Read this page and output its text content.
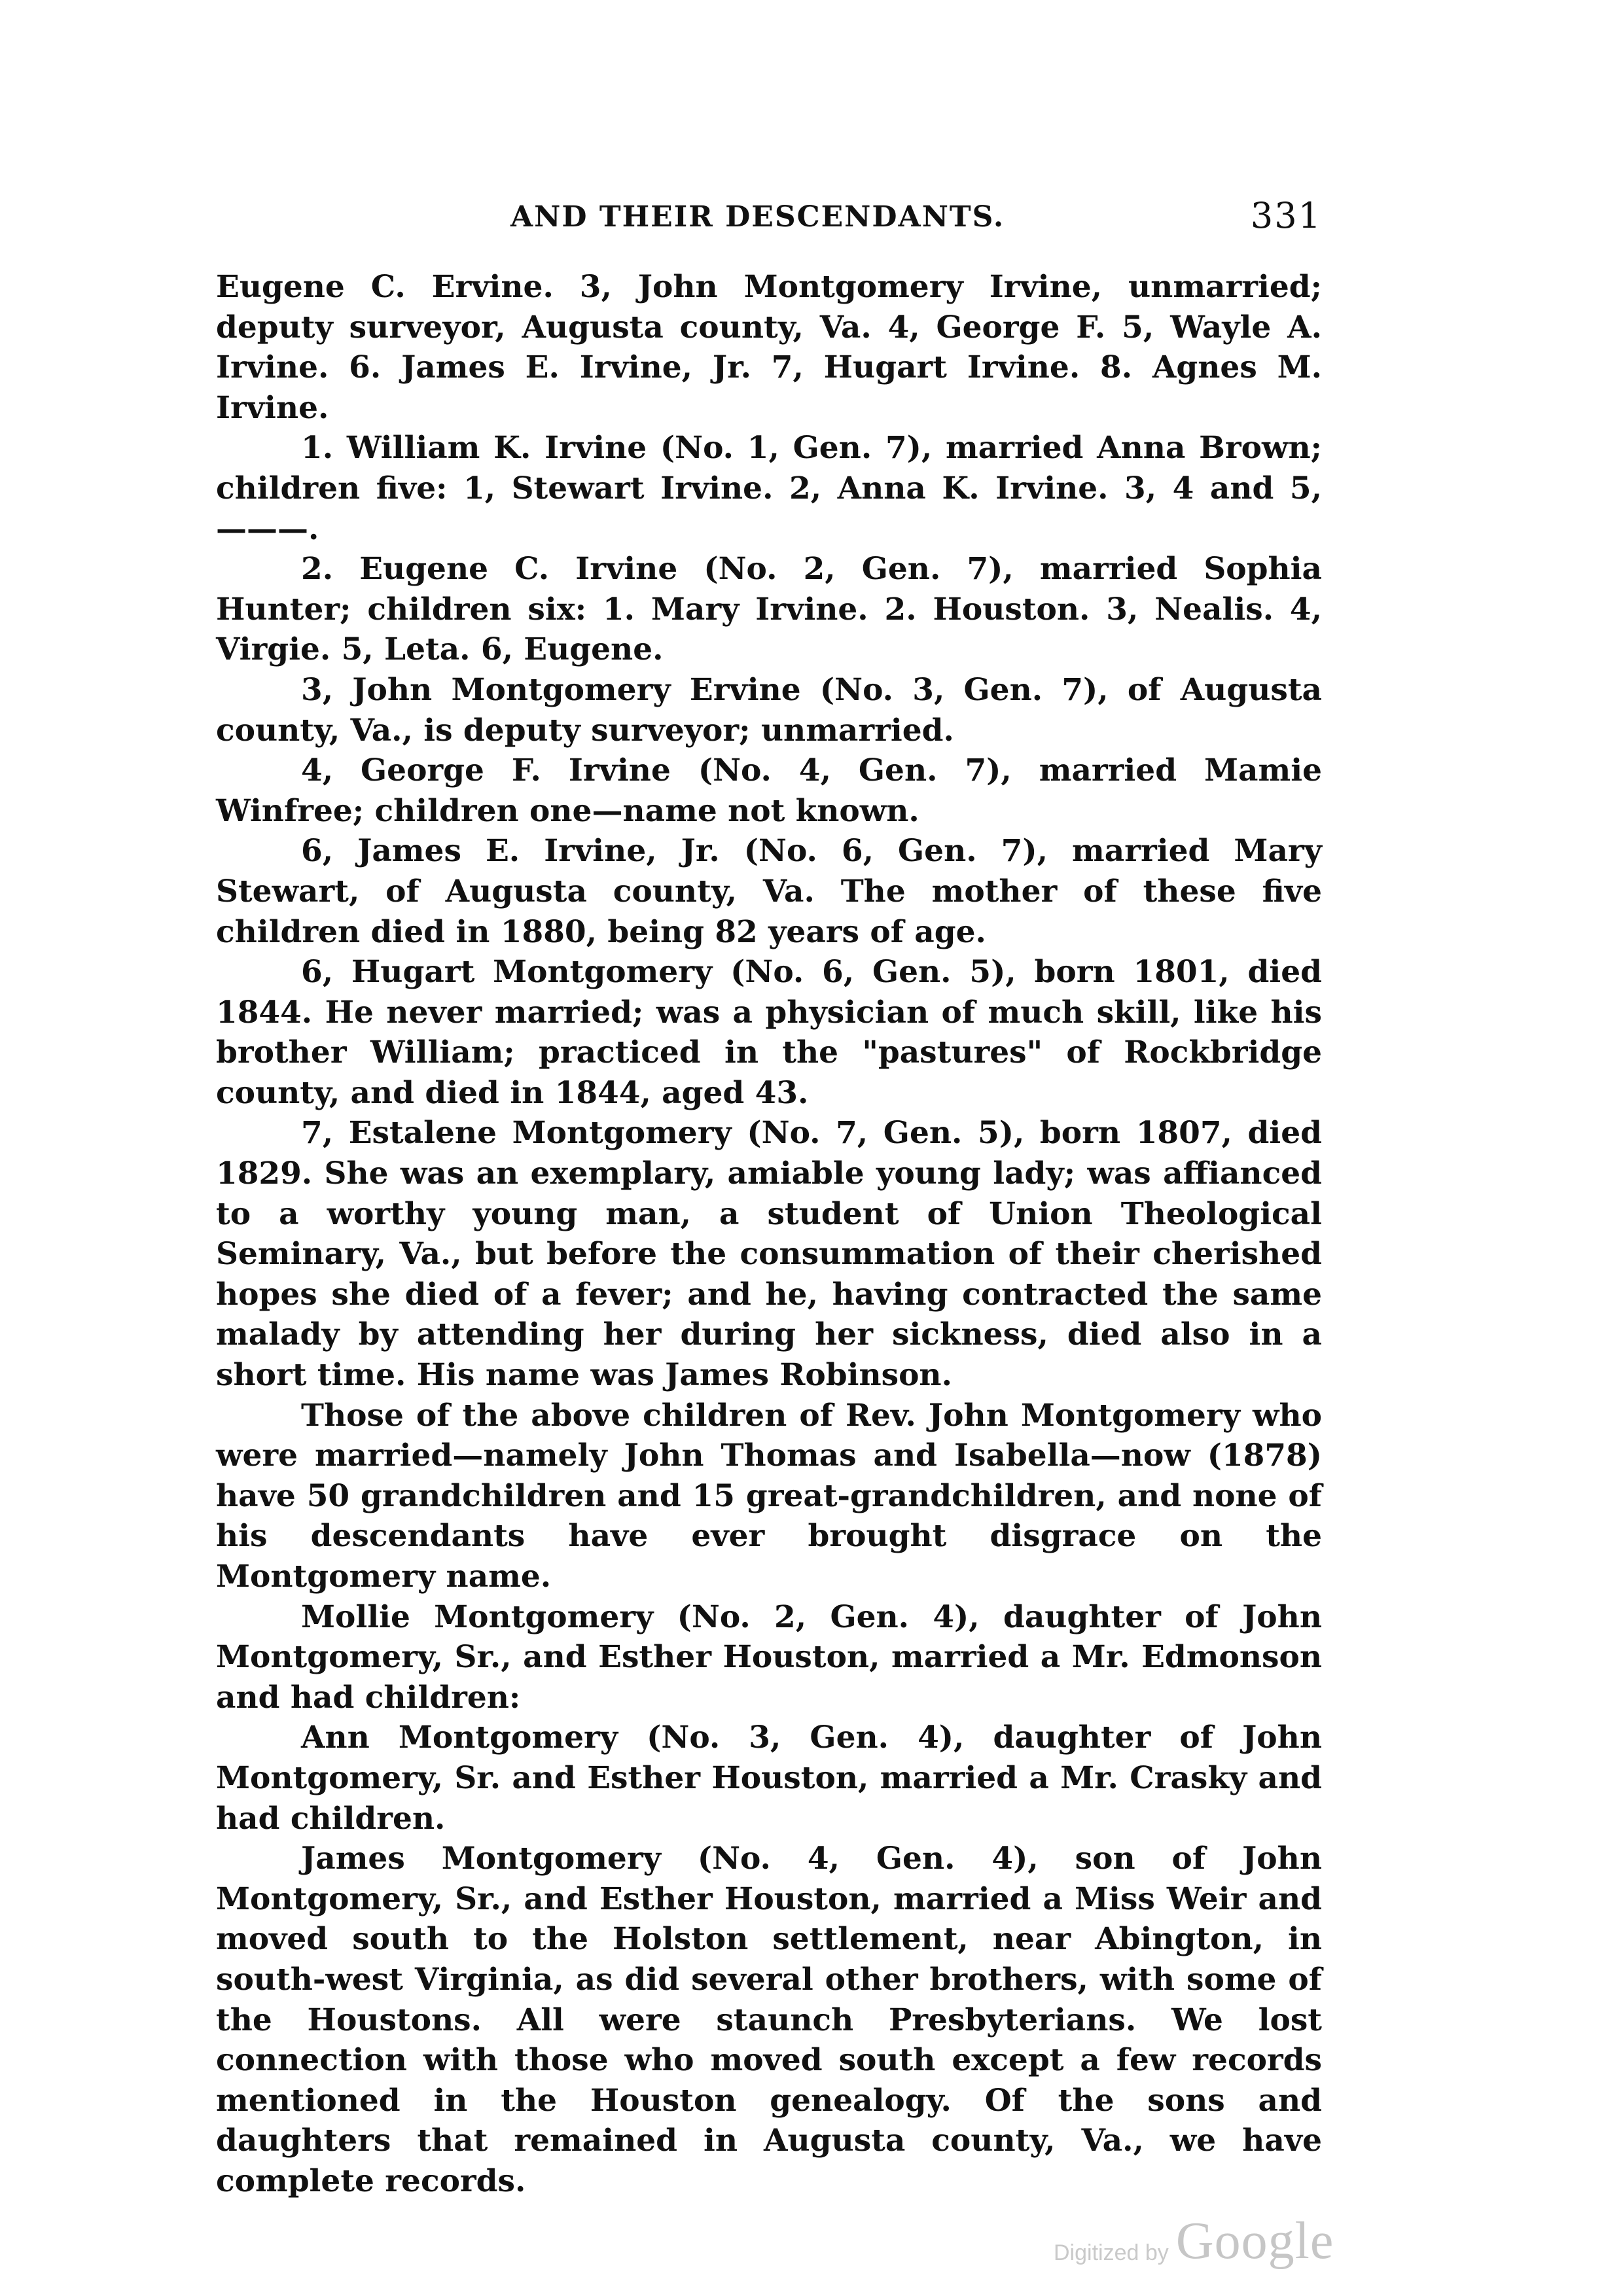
AND THEIR DESCENDANTS.	331

Eugene C. Ervine. 3, John Montgomery Irvine, unmarried; deputy surveyor, Augusta county, Va. 4, George F. 5, Wayle A. Irvine. 6. James E. Irvine, Jr. 7, Hugart Irvine. 8. Agnes M. Irvine.

1. William K. Irvine (No. 1, Gen. 7), married Anna Brown; children five: 1, Stewart Irvine. 2, Anna K. Irvine. 3, 4 and 5, ———.

2. Eugene C. Irvine (No. 2, Gen. 7), married Sophia Hunter; children six: 1. Mary Irvine. 2. Houston. 3, Nealis. 4, Virgie. 5, Leta. 6, Eugene.

3, John Montgomery Ervine (No. 3, Gen. 7), of Augusta county, Va., is deputy surveyor; unmarried.

4, George F. Irvine (No. 4, Gen. 7), married Mamie Winfree; children one—name not known.

6, James E. Irvine, Jr. (No. 6, Gen. 7), married Mary Stewart, of Augusta county, Va. The mother of these five children died in 1880, being 82 years of age.

6, Hugart Montgomery (No. 6, Gen. 5), born 1801, died 1844. He never married; was a physician of much skill, like his brother William; practiced in the "pastures" of Rockbridge county, and died in 1844, aged 43.

7, Estalene Montgomery (No. 7, Gen. 5), born 1807, died 1829. She was an exemplary, amiable young lady; was affianced to a worthy young man, a student of Union Theological Seminary, Va., but before the consummation of their cherished hopes she died of a fever; and he, having contracted the same malady by attending her during her sickness, died also in a short time. His name was James Robinson.

Those of the above children of Rev. John Montgomery who were married—namely John Thomas and Isabella—now (1878) have 50 grandchildren and 15 great-grandchildren, and none of his descendants have ever brought disgrace on the Montgomery name.

Mollie Montgomery (No. 2, Gen. 4), daughter of John Montgomery, Sr., and Esther Houston, married a Mr. Edmonson and had children:

Ann Montgomery (No. 3, Gen. 4), daughter of John Montgomery, Sr. and Esther Houston, married a Mr. Crasky and had children.

James Montgomery (No. 4, Gen. 4), son of John Montgomery, Sr., and Esther Houston, married a Miss Weir and moved south to the Holston settlement, near Abington, in south-west Virginia, as did several other brothers, with some of the Houstons. All were staunch Presbyterians. We lost connection with those who moved south except a few records mentioned in the Houston genealogy. Of the sons and daughters that remained in Augusta county, Va., we have complete records.

Digitized by Google
